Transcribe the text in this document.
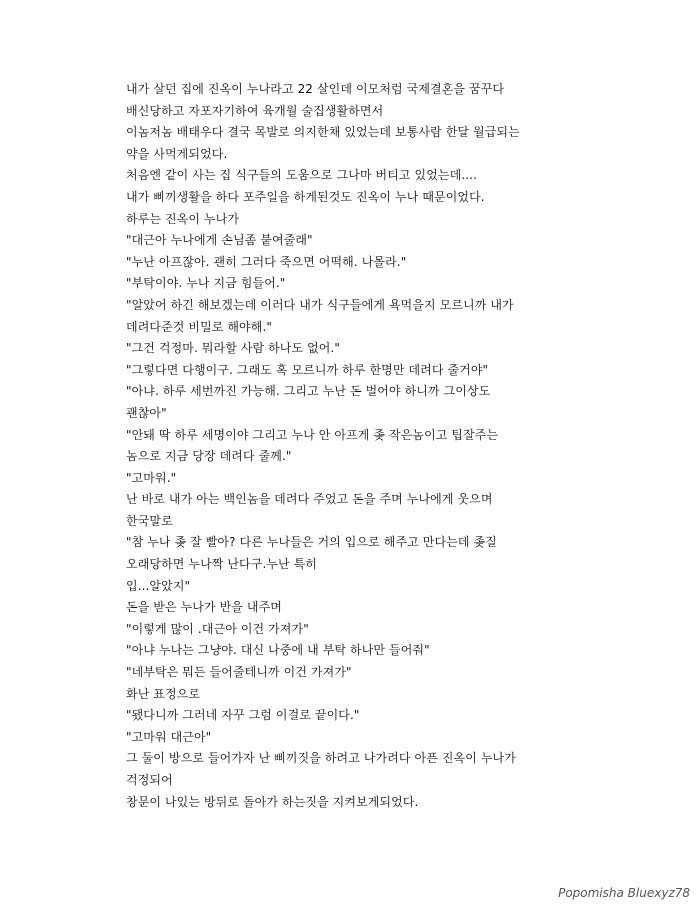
내가 살던 집에 진옥이 누나라고 22 살인데 이모처럼 국제결혼을 꿈꾸다
배신당하고 자포자기하여 육개월 술집생활하면서
이놈저놈 배태우다 결국 목발로 의지한채 있었는데 보통사람 한달 월급되는
약을 사먹게되었다.
처음엔 같이 사는 집 식구들의 도움으로 그나마 버티고 있었는데....
내가 삐끼생활을 하다 포주일을 하게된것도 진옥이 누나 때문이었다.
하루는 진옥이 누나가
"대근아 누나에게 손님좀 붙여줄래"
"누난 아프잖아. 괜히 그러다 죽으면 어떡해. 나몰라."
"부탁이야. 누나 지금 힘들어."
"알았어 하긴 해보겠는데 이러다 내가 식구들에게 욕먹을지 모르니까 내가
데려다준것 비밀로 해야해."
"그건 걱정마. 뭐라할 사람 하나도 없어."
"그렇다면 다행이구. 그래도 혹 모르니까 하루 한명만 데려다 줄거야"
"아냐. 하루 세번까진 가능해. 그리고 누난 돈 벌어야 하니까 그이상도
괜찮아"
"안돼 딱 하루 세명이야 그리고 누나 안 아프게 좆 작은놈이고 팁잘주는
놈으로 지금 당장 데려다 줄께."
"고마워."
난 바로 내가 아는 백인놈을 데려다 주었고 돈을 주며 누나에게 웃으며
한국말로
"참 누나 좆 잘 빨아? 다른 누나들은 거의 입으로 해주고 만다는데 좆질
오래당하면 누나짝 난다구.누난 특히
입...알았지"
돈을 받은 누나가 반을 내주며
"이렇게 많이 .대근아 이건 가져가"
"아냐 누나는 그냥야. 대신 나중에 내 부탁 하나만 들어줘"
"네부탁은 뭐든 들어줄테니까 이건 가져가"
화난 표정으로
"됐다니까 그러네 자꾸 그럼 이걸로 끝이다."
"고마워 대근아"
그 둘이 방으로 들어가자 난 삐끼짓을 하려고 나가려다 아픈 진옥이 누나가
걱정되어
창문이 나있는 방뒤로 돌아가 하는짓을 지켜보게되었다.
Popomisha Bluexyz78
